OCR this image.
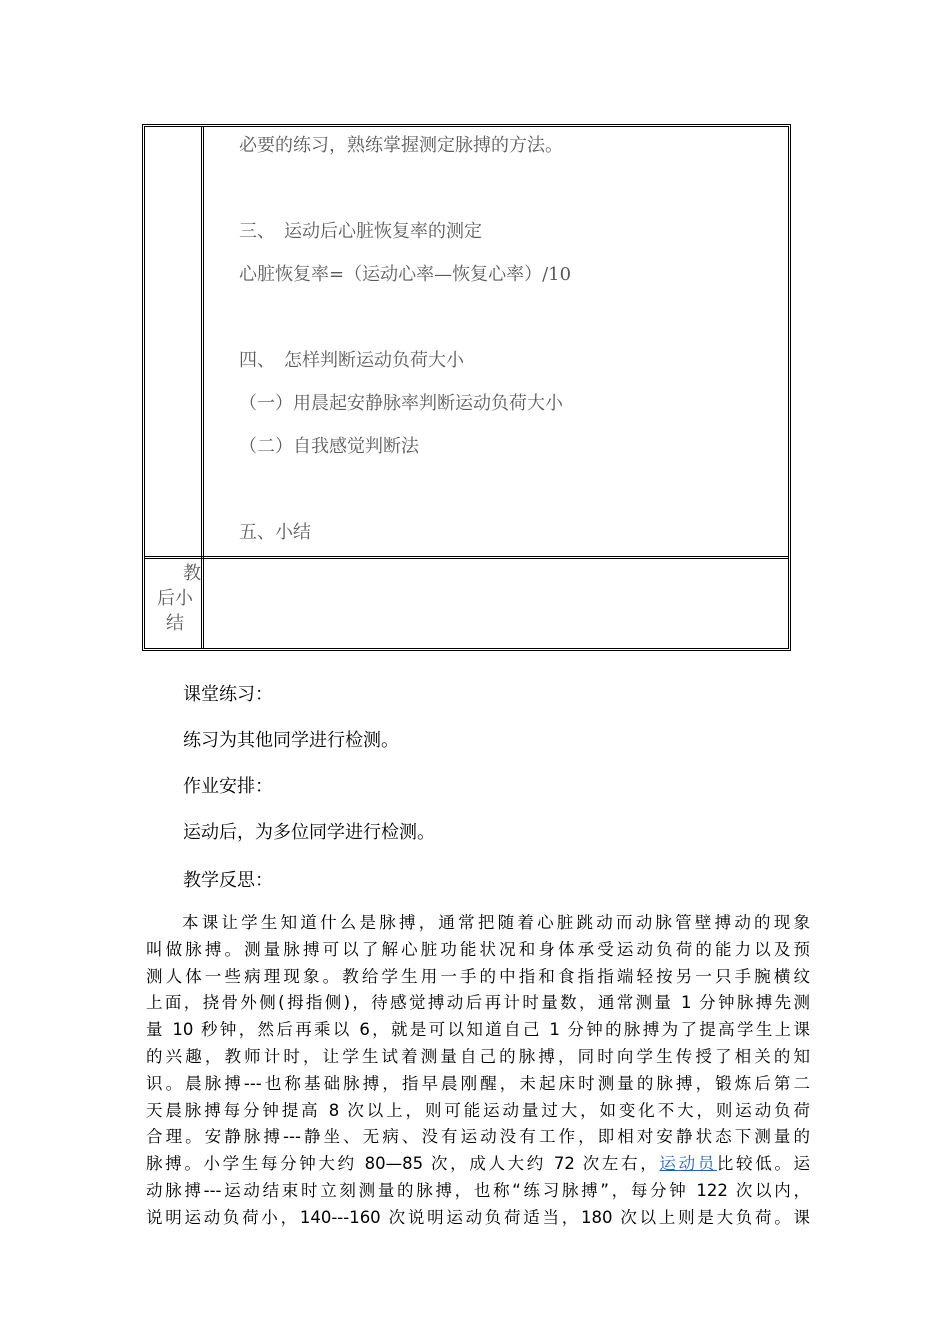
必要的练习，熟练掌握测定脉搏的方法。
三、　运动后心脏恢复率的测定
心脏恢复率=（运动心率—恢复心率）/10
四、　怎样判断运动负荷大小
（一）用晨起安静脉率判断运动负荷大小
（二）自我感觉判断法
五、小结
教
后小
结
课堂练习：
练习为其他同学进行检测。
作业安排：
运动后，为多位同学进行检测。
教学反思：
本课让学生知道什么是脉搏，通常把随着心脏跳动而动脉管壁搏动的现象
叫做脉搏。测量脉搏可以了解心脏功能状况和身体承受运动负荷的能力以及预
测人体一些病理现象。教给学生用一手的中指和食指指端轻按另一只手腕横纹
上面，挠骨外侧(拇指侧)，待感觉搏动后再计时量数，通常测量 1 分钟脉搏先测
量 10 秒钟，然后再乘以 6，就是可以知道自己 1 分钟的脉搏为了提高学生上课
的兴趣，教师计时，让学生试着测量自己的脉搏，同时向学生传授了相关的知
识。晨脉搏---也称基础脉搏，指早晨刚醒，未起床时测量的脉搏，锻炼后第二
天晨脉搏每分钟提高 8 次以上，则可能运动量过大，如变化不大，则运动负荷
合理。安静脉搏---静坐、无病、没有运动没有工作，即相对安静状态下测量的
脉搏。小学生每分钟大约 80—85 次，成人大约 72 次左右，运动员比较低。运
动脉搏---运动结束时立刻测量的脉搏，也称“练习脉搏”，每分钟 122 次以内，
说明运动负荷小，140---160 次说明运动负荷适当，180 次以上则是大负荷。课
